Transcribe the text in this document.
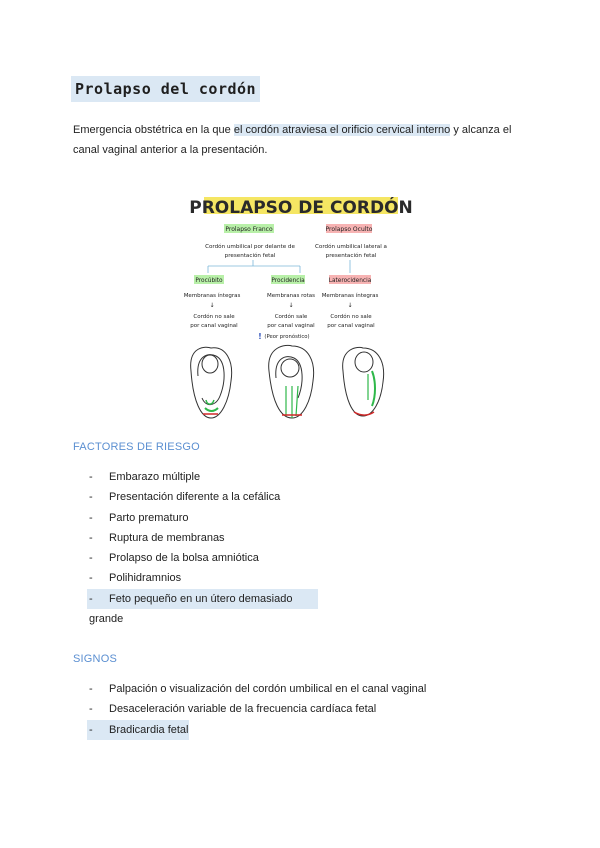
Prolapso del cordón

Emergencia obstétrica en la que el cordón atraviesa el orificio cervical interno y alcanza el canal vaginal anterior a la presentación.

PROLAPSO DE CORDÓN
Prolapso Franco
Cordón umbilical por delante de
presentación fetal
Prolapso Oculto
Cordón umbilical lateral a
presentación fetal
Procúbito
Membranas íntegras
↓
Cordón no sale
por canal vaginal
Procidencia
Membranas rotas
↓
Cordón sale
por canal vaginal
! (Peor pronóstico)
Laterocidencia
Membranas íntegras
↓
Cordón no sale
por canal vaginal
FACTORES DE RIESGO
- Embarazo múltiple
- Presentación diferente a la cefálica
- Parto prematuro
- Ruptura de membranas
- Prolapso de la bolsa amniótica
- Polihidramnios
- Feto pequeño en un útero demasiado grande
SIGNOS
- Palpación o visualización del cordón umbilical en el canal vaginal
- Desaceleración variable de la frecuencia cardíaca fetal
- Bradicardia fetal
